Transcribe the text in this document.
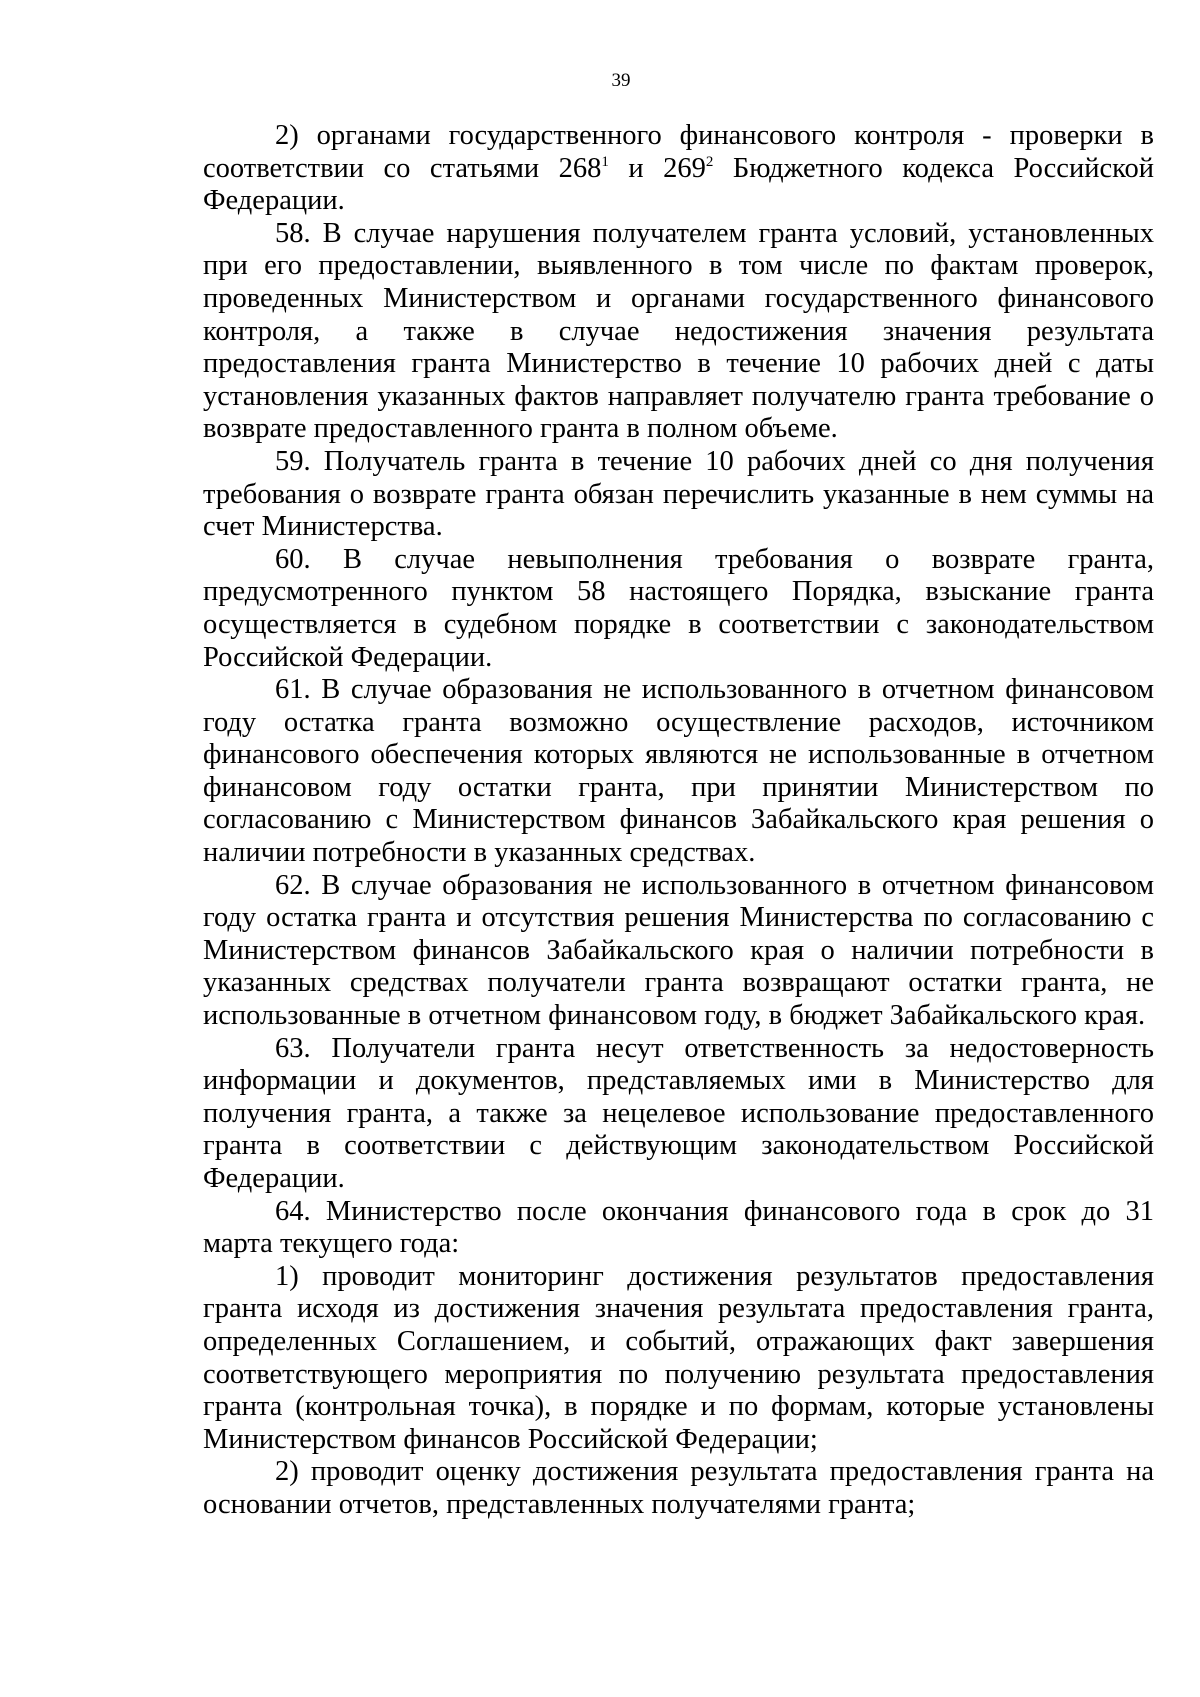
39

2) органами государственного финансового контроля - проверки в соответствии со статьями $268^1$ и $269^2$ Бюджетного кодекса Российской Федерации.

58. В случае нарушения получателем гранта условий, установленных при его предоставлении, выявленного в том числе по фактам проверок, проведенных Министерством и органами государственного финансового контроля, а также в случае недостижения значения результата предоставления гранта Министерство в течение 10 рабочих дней с даты установления указанных фактов направляет получателю гранта требование о возврате предоставленного гранта в полном объеме.

59. Получатель гранта в течение 10 рабочих дней со дня получения требования о возврате гранта обязан перечислить указанные в нем суммы на счет Министерства.

60. В случае невыполнения требования о возврате гранта, предусмотренного пунктом 58 настоящего Порядка, взыскание гранта осуществляется в судебном порядке в соответствии с законодательством Российской Федерации.

61. В случае образования не использованного в отчетном финансовом году остатка гранта возможно осуществление расходов, источником финансового обеспечения которых являются не использованные в отчетном финансовом году остатки гранта, при принятии Министерством по согласованию с Министерством финансов Забайкальского края решения о наличии потребности в указанных средствах.

62. В случае образования не использованного в отчетном финансовом году остатка гранта и отсутствия решения Министерства по согласованию с Министерством финансов Забайкальского края о наличии потребности в указанных средствах получатели гранта возвращают остатки гранта, не использованные в отчетном финансовом году, в бюджет Забайкальского края.

63. Получатели гранта несут ответственность за недостоверность информации и документов, представляемых ими в Министерство для получения гранта, а также за нецелевое использование предоставленного гранта в соответствии с действующим законодательством Российской Федерации.

64. Министерство после окончания финансового года в срок до 31 марта текущего года:

1) проводит мониторинг достижения результатов предоставления гранта исходя из достижения значения результата предоставления гранта, определенных Соглашением, и событий, отражающих факт завершения соответствующего мероприятия по получению результата предоставления гранта (контрольная точка), в порядке и по формам, которые установлены Министерством финансов Российской Федерации;

2) проводит оценку достижения результата предоставления гранта на основании отчетов, представленных получателями гранта;
